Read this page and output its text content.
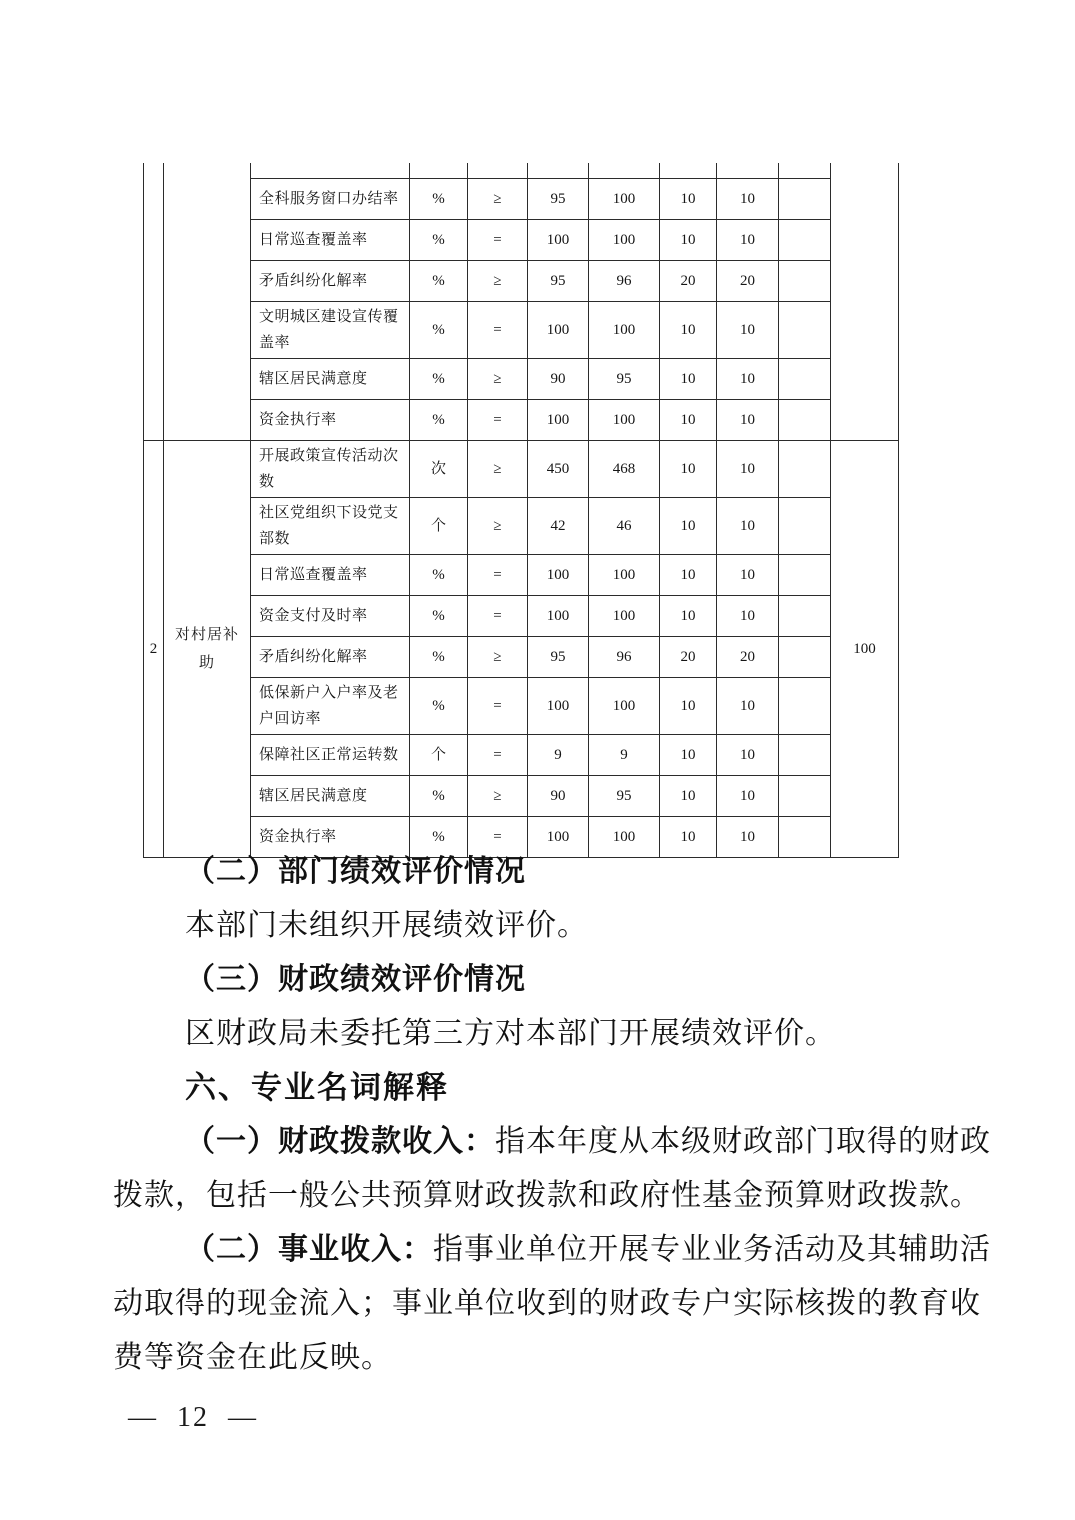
		全科服务窗口办结率	%	≥	95	100	10	10		
		日常巡查覆盖率	%	=	100	100	10	10		
		矛盾纠纷化解率	%	≥	95	96	20	20		
		文明城区建设宣传覆盖率	%	=	100	100	10	10		
		辖区居民满意度	%	≥	90	95	10	10		
		资金执行率	%	=	100	100	10	10		
2	对村居补助	开展政策宣传活动次数	次	≥	450	468	10	10		100
		社区党组织下设党支部数	个	≥	42	46	10	10		
		日常巡查覆盖率	%	=	100	100	10	10		
		资金支付及时率	%	=	100	100	10	10		
		矛盾纠纷化解率	%	≥	95	96	20	20		
		低保新户入户率及老户回访率	%	=	100	100	10	10		
		保障社区正常运转数	个	=	9	9	10	10		
		辖区居民满意度	%	≥	90	95	10	10		
		资金执行率	%	=	100	100	10	10		
（二）部门绩效评价情况
本部门未组织开展绩效评价。
（三）财政绩效评价情况
区财政局未委托第三方对本部门开展绩效评价。
六、专业名词解释
（一）财政拨款收入：指本年度从本级财政部门取得的财政
拨款，包括一般公共预算财政拨款和政府性基金预算财政拨款。
（二）事业收入：指事业单位开展专业业务活动及其辅助活
动取得的现金流入；事业单位收到的财政专户实际核拨的教育收
费等资金在此反映。
— 12 —
